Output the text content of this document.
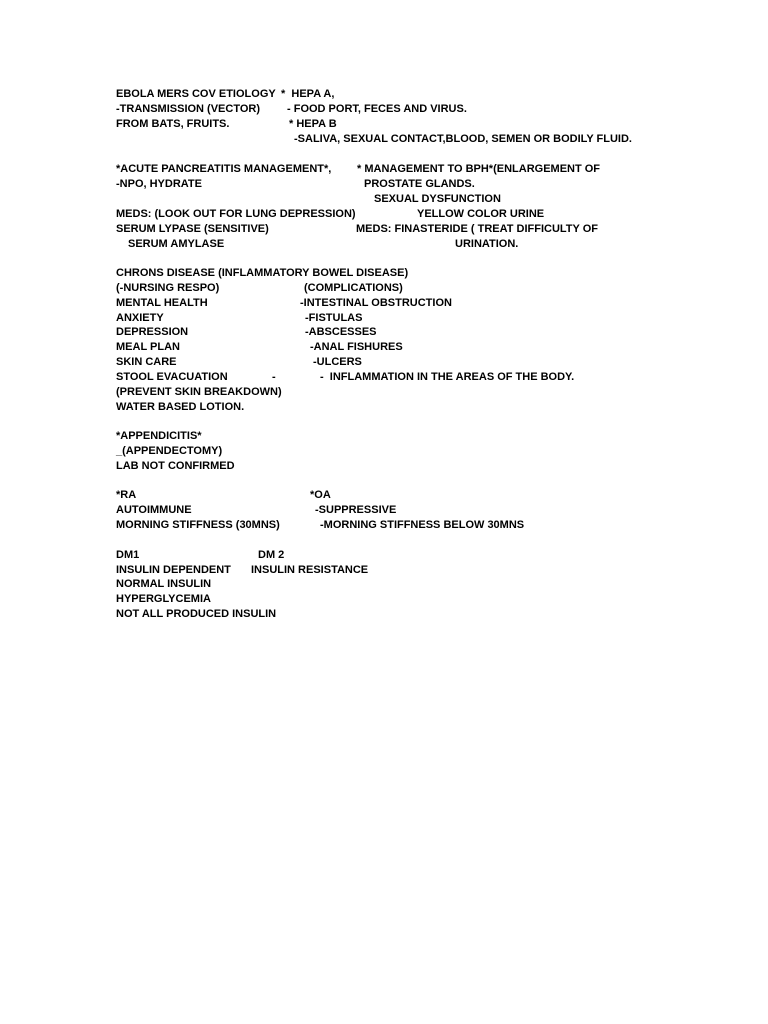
EBOLA MERS COV ETIOLOGY *  HEPA A,
-TRANSMISSION (VECTOR) - FOOD PORT, FECES AND VIRUS.
FROM BATS, FRUITS.	* HEPA B
-SALIVA, SEXUAL CONTACT,BLOOD, SEMEN OR BODILY FLUID.
*ACUTE PANCREATITIS MANAGEMENT*, * MANAGEMENT TO BPH*(ENLARGEMENT OF
-NPO, HYDRATE	PROSTATE GLANDS.
SEXUAL DYSFUNCTION
MEDS: (LOOK OUT FOR LUNG DEPRESSION)	YELLOW COLOR URINE
SERUM LYPASE (SENSITIVE)	MEDS: FINASTERIDE ( TREAT DIFFICULTY OF
SERUM AMYLASE	URINATION.
CHRONS DISEASE (INFLAMMATORY BOWEL DISEASE)
(-NURSING RESPO)	(COMPLICATIONS)
MENTAL HEALTH	-INTESTINAL OBSTRUCTION
ANXIETY	-FISTULAS
DEPRESSION	-ABSCESSES
MEAL PLAN	-ANAL FISHURES
SKIN CARE	-ULCERS
STOOL EVACUATION	-	-  INFLAMMATION IN THE AREAS OF THE BODY.
(PREVENT SKIN BREAKDOWN)
WATER BASED LOTION.
*APPENDICITIS*
_(APPENDECTOMY)
LAB NOT CONFIRMED
*RA	*OA
AUTOIMMUNE	-SUPPRESSIVE
MORNING STIFFNESS (30MNS)	-MORNING STIFFNESS BELOW 30MNS
DM1	DM 2
INSULIN DEPENDENT INSULIN RESISTANCE
NORMAL INSULIN
HYPERGLYCEMIA
NOT ALL PRODUCED INSULIN
